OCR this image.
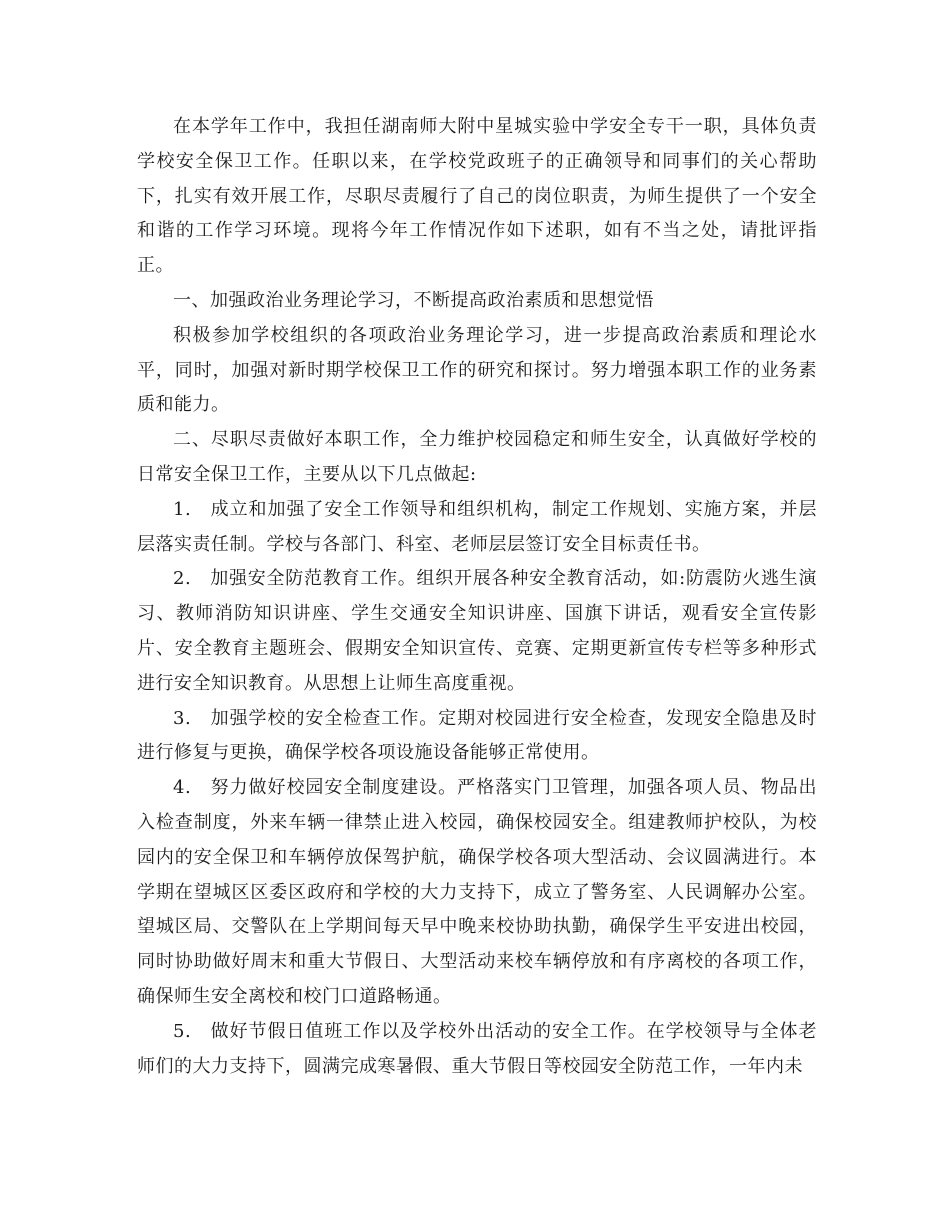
在本学年工作中，我担任湖南师大附中星城实验中学安全专干一职，具体负责学校安全保卫工作。任职以来，在学校党政班子的正确领导和同事们的关心帮助下，扎实有效开展工作，尽职尽责履行了自己的岗位职责，为师生提供了一个安全和谐的工作学习环境。现将今年工作情况作如下述职，如有不当之处，请批评指正。

一、加强政治业务理论学习，不断提高政治素质和思想觉悟

积极参加学校组织的各项政治业务理论学习，进一步提高政治素质和理论水平，同时，加强对新时期学校保卫工作的研究和探讨。努力增强本职工作的业务素质和能力。

二、尽职尽责做好本职工作，全力维护校园稳定和师生安全，认真做好学校的日常安全保卫工作，主要从以下几点做起:

1.　成立和加强了安全工作领导和组织机构，制定工作规划、实施方案，并层层落实责任制。学校与各部门、科室、老师层层签订安全目标责任书。

2.　加强安全防范教育工作。组织开展各种安全教育活动，如:防震防火逃生演习、教师消防知识讲座、学生交通安全知识讲座、国旗下讲话，观看安全宣传影片、安全教育主题班会、假期安全知识宣传、竞赛、定期更新宣传专栏等多种形式进行安全知识教育。从思想上让师生高度重视。

3.　加强学校的安全检查工作。定期对校园进行安全检查，发现安全隐患及时进行修复与更换，确保学校各项设施设备能够正常使用。

4.　努力做好校园安全制度建设。严格落实门卫管理，加强各项人员、物品出入检查制度，外来车辆一律禁止进入校园，确保校园安全。组建教师护校队，为校园内的安全保卫和车辆停放保驾护航，确保学校各项大型活动、会议圆满进行。本学期在望城区区委区政府和学校的大力支持下，成立了警务室、人民调解办公室。望城区局、交警队在上学期间每天早中晚来校协助执勤，确保学生平安进出校园，同时协助做好周末和重大节假日、大型活动来校车辆停放和有序离校的各项工作，确保师生安全离校和校门口道路畅通。

5.　做好节假日值班工作以及学校外出活动的安全工作。在学校领导与全体老师们的大力支持下，圆满完成寒暑假、重大节假日等校园安全防范工作，一年内未
